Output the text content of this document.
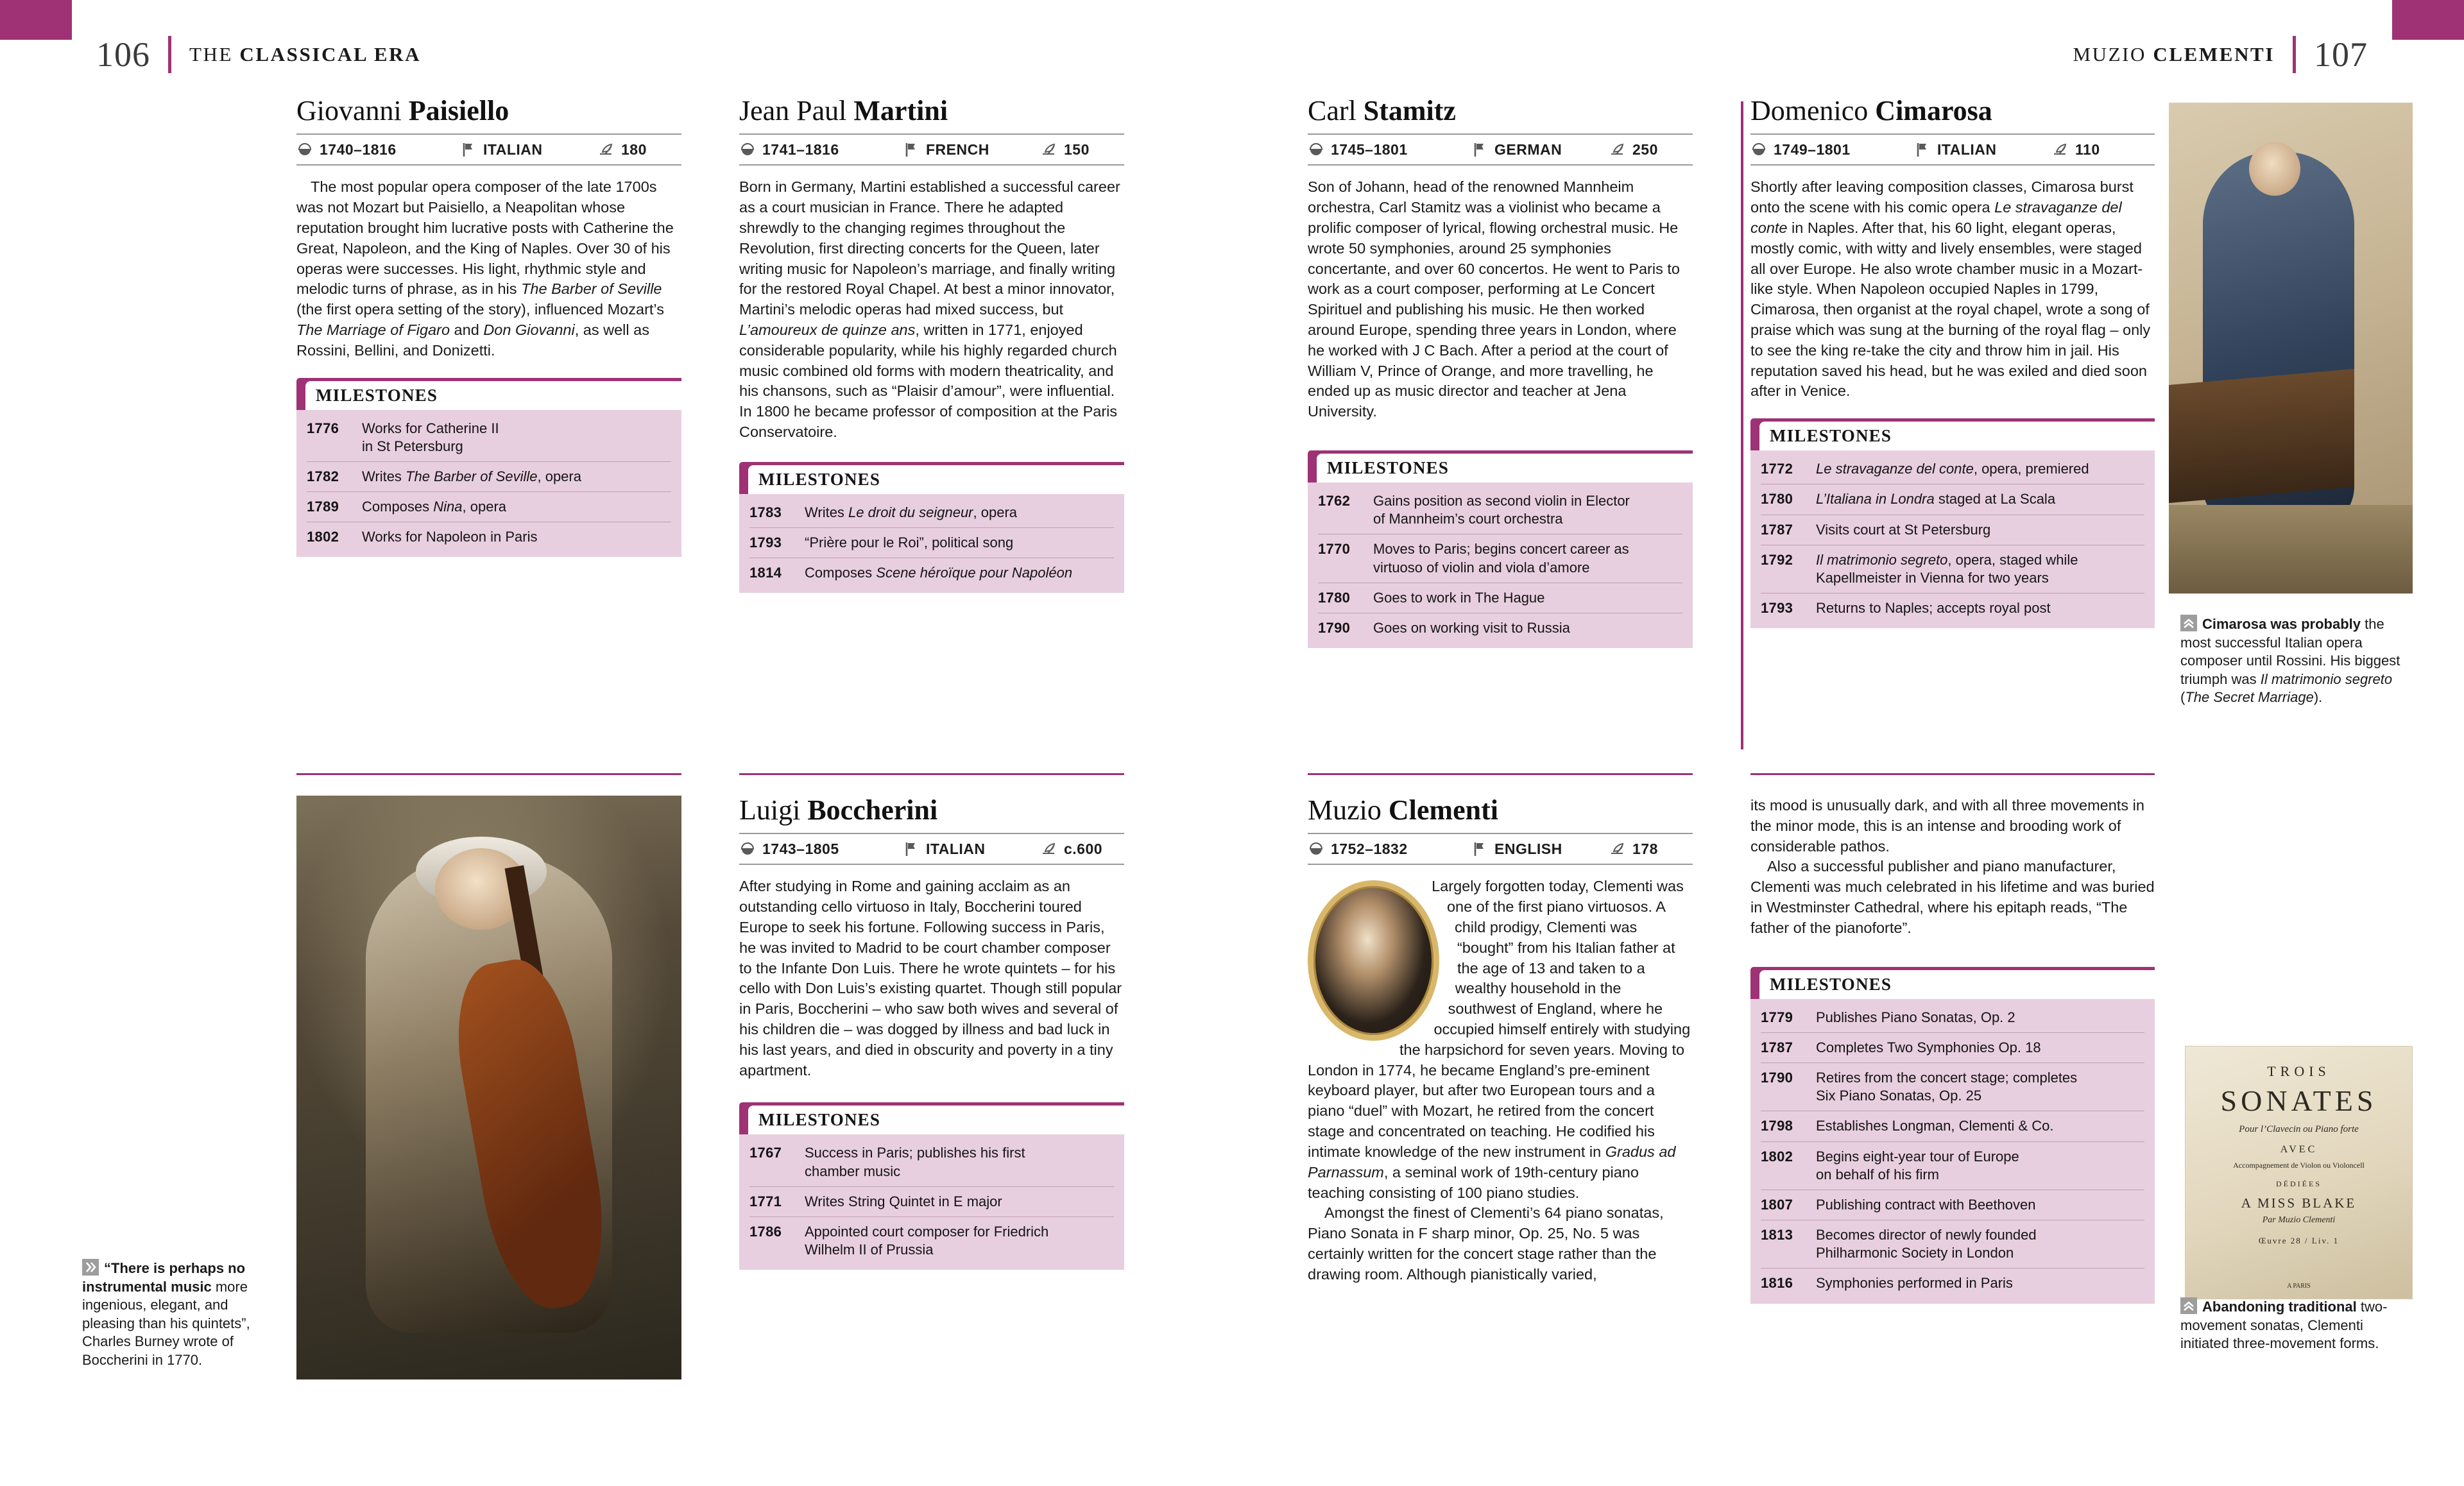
106 THE CLASSICAL ERA	MUZIO CLEMENTI 107
Giovanni Paisiello
1740–1816	ITALIAN	180
The most popular opera composer of the late 1700s was not Mozart but Paisiello, a Neapolitan whose reputation brought him lucrative posts with Catherine the Great, Napoleon, and the King of Naples. Over 30 of his operas were successes. His light, rhythmic style and melodic turns of phrase, as in his The Barber of Seville (the first opera setting of the story), influenced Mozart’s The Marriage of Figaro and Don Giovanni, as well as Rossini, Bellini, and Donizetti.
MILESTONES
1776	Works for Catherine II
in St Petersburg
1782	Writes The Barber of Seville, opera
1789	Composes Nina, opera
1802	Works for Napoleon in Paris
Jean Paul Martini
1741–1816	FRENCH	150
Born in Germany, Martini established a successful career as a court musician in France. There he adapted shrewdly to the changing regimes throughout the Revolution, first directing concerts for the Queen, later writing music for Napoleon’s marriage, and finally writing for the restored Royal Chapel. At best a minor innovator, Martini’s melodic operas had mixed success, but L’amoureux de quinze ans, written in 1771, enjoyed considerable popularity, while his highly regarded church music combined old forms with modern theatricality, and his chansons, such as “Plaisir d’amour”, were influential. In 1800 he became professor of composition at the Paris Conservatoire.
MILESTONES
1783	Writes Le droit du seigneur, opera
1793	“Prière pour le Roi”, political song
1814	Composes Scene héroïque pour Napoléon
Carl Stamitz
1745–1801	GERMAN	250
Son of Johann, head of the renowned Mannheim orchestra, Carl Stamitz was a violinist who became a prolific composer of lyrical, flowing orchestral music. He wrote 50 symphonies, around 25 symphonies concertante, and over 60 concertos. He went to Paris to work as a court composer, performing at Le Concert Spirituel and publishing his music. He then worked around Europe, spending three years in London, where he worked with J C Bach. After a period at the court of William V, Prince of Orange, and more travelling, he ended up as music director and teacher at Jena University.
MILESTONES
1762	Gains position as second violin in Elector
of Mannheim’s court orchestra
1770	Moves to Paris; begins concert career as
virtuoso of violin and viola d’amore
1780	Goes to work in The Hague
1790	Goes on working visit to Russia
Domenico Cimarosa
1749–1801	ITALIAN	110
Shortly after leaving composition classes, Cimarosa burst onto the scene with his comic opera Le stravaganze del conte in Naples. After that, his 60 light, elegant operas, mostly comic, with witty and lively ensembles, were staged all over Europe. He also wrote chamber music in a Mozart-like style. When Napoleon occupied Naples in 1799, Cimarosa, then organist at the royal chapel, wrote a song of praise which was sung at the burning of the royal flag – only to see the king re-take the city and throw him in jail. His reputation saved his head, but he was exiled and died soon after in Venice.
MILESTONES
1772	Le stravaganze del conte, opera, premiered
1780	L’Italiana in Londra staged at La Scala
1787	Visits court at St Petersburg
1792	Il matrimonio segreto, opera, staged while
Kapellmeister in Vienna for two years
1793	Returns to Naples; accepts royal post
Luigi Boccherini
1743–1805	ITALIAN	c.600
After studying in Rome and gaining acclaim as an outstanding cello virtuoso in Italy, Boccherini toured Europe to seek his fortune. Following success in Paris, he was invited to Madrid to be court chamber composer to the Infante Don Luis. There he wrote quintets – for his cello with Don Luis’s existing quartet. Though still popular in Paris, Boccherini – who saw both wives and several of his children die – was dogged by illness and bad luck in his last years, and died in obscurity and poverty in a tiny apartment.
MILESTONES
1767	Success in Paris; publishes his first
chamber music
1771	Writes String Quintet in E major
1786	Appointed court composer for Friedrich
Wilhelm II of Prussia
Muzio Clementi
1752–1832	ENGLISH	178
Largely forgotten today, Clementi was one of the first piano virtuosos. A child prodigy, Clementi was “bought” from his Italian father at the age of 13 and taken to a wealthy household in the southwest of England, where he occupied himself entirely with studying the harpsichord for seven years. Moving to London in 1774, he became England’s pre-eminent keyboard player, but after two European tours and a piano “duel” with Mozart, he retired from the concert stage and concentrated on teaching. He codified his intimate knowledge of the new instrument in Gradus ad Parnassum, a seminal work of 19th-century piano teaching consisting of 100 piano studies.

Amongst the finest of Clementi’s 64 piano sonatas, Piano Sonata in F sharp minor, Op. 25, No. 5 was certainly written for the concert stage rather than the drawing room. Although pianistically varied,

its mood is unusually dark, and with all three movements in the minor mode, this is an intense and brooding work of considerable pathos.

Also a successful publisher and piano manufacturer, Clementi was much celebrated in his lifetime and was buried in Westminster Cathedral, where his epitaph reads, “The father of the pianoforte”.

MILESTONES
1779	Publishes Piano Sonatas, Op. 2
1787	Completes Two Symphonies Op. 18
1790	Retires from the concert stage; completes
Six Piano Sonatas, Op. 25
1798	Establishes Longman, Clementi & Co.
1802	Begins eight-year tour of Europe
on behalf of his firm
1807	Publishing contract with Beethoven
1813	Becomes director of newly founded
Philharmonic Society in London
1816	Symphonies performed in Paris
Cimarosa was probably the most successful Italian opera composer until Rossini. His biggest triumph was Il matrimonio segreto (The Secret Marriage).
“There is perhaps no instrumental music more ingenious, elegant, and pleasing than his quintets”, Charles Burney wrote of Boccherini in 1770.
TROIS
SONATES
Pour l’Clavecin ou Piano forte
AVEC
Accompagnement de Violon ou Violoncell
DÉDIÉES
A MISS BLAKE
Par Muzio Clementi
Œuvre 28 / Liv. 1
A PARIS
Abandoning traditional two-movement sonatas, Clementi initiated three-movement forms.
